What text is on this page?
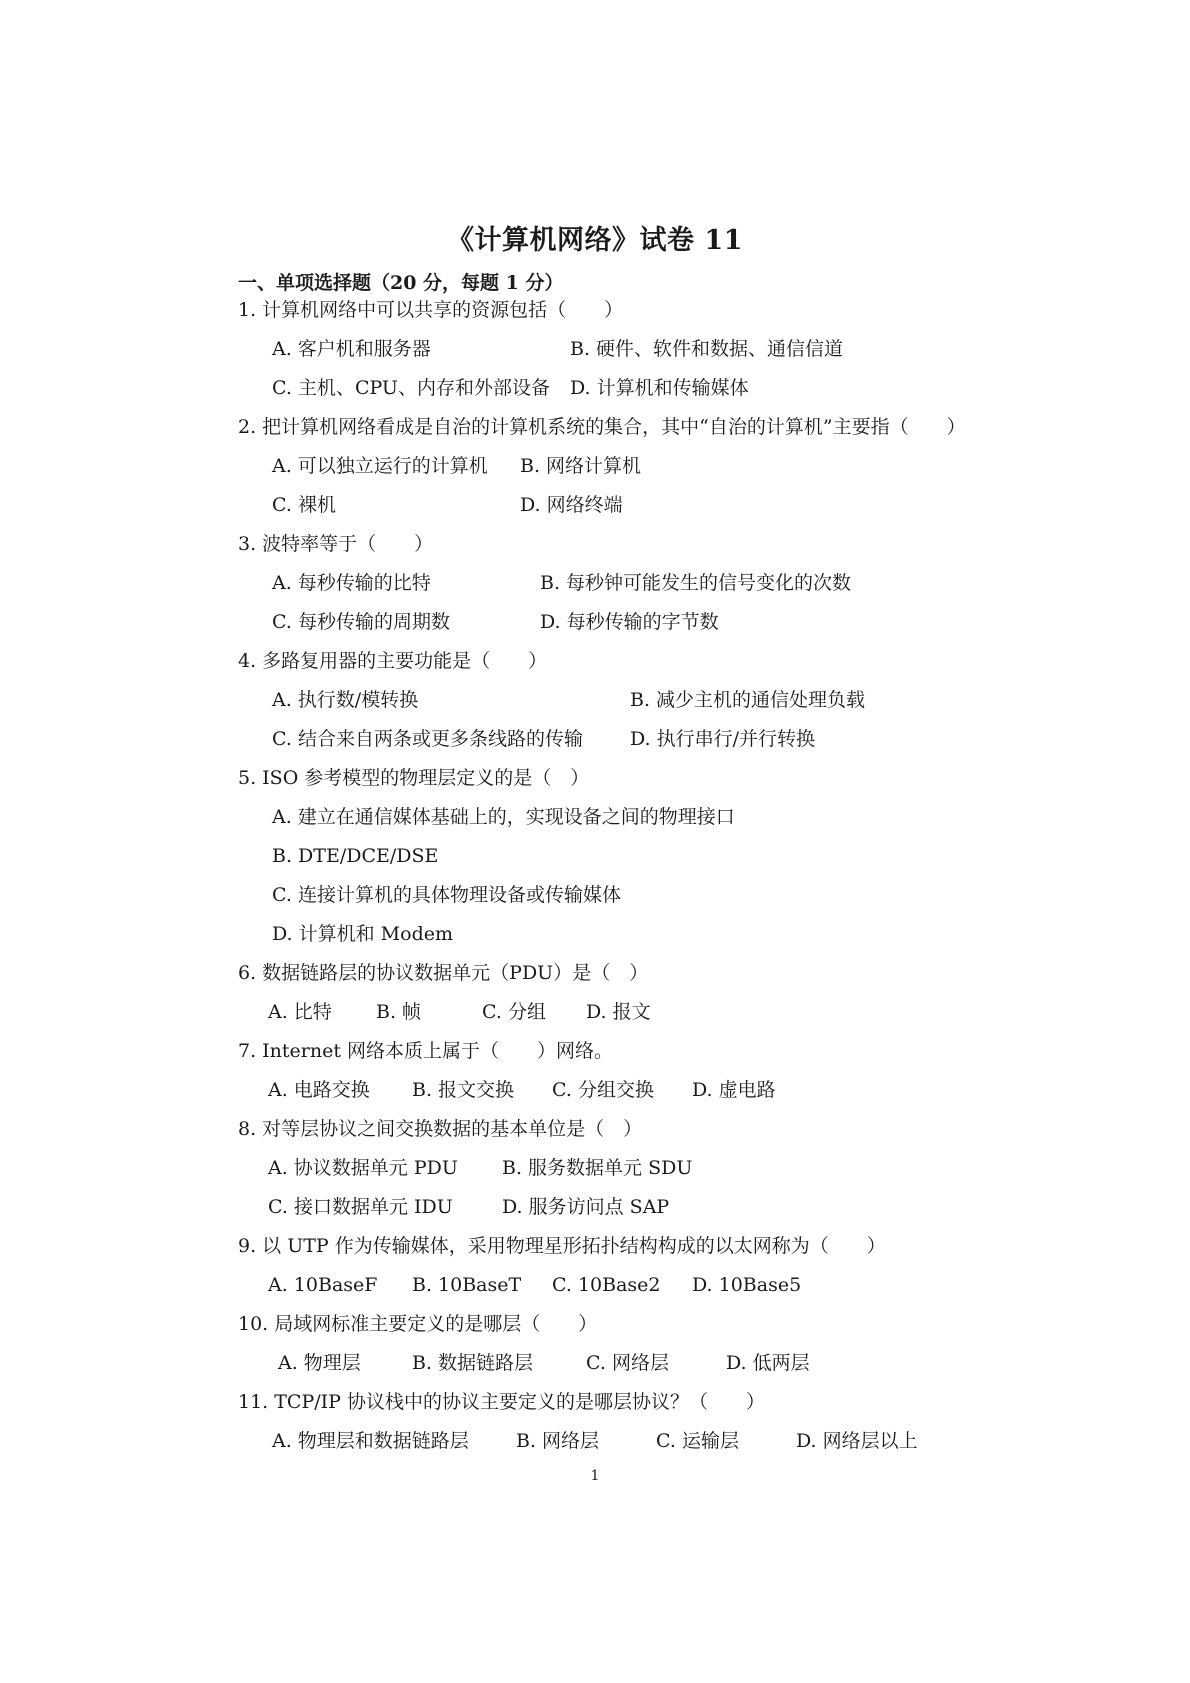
《计算机网络》试卷 11
一、单项选择题（20 分，每题 1 分）
1. 计算机网络中可以共享的资源包括（　　）
A. 客户机和服务器	B. 硬件、软件和数据、通信信道
C. 主机、CPU、内存和外部设备 D. 计算机和传输媒体
2. 把计算机网络看成是自治的计算机系统的集合，其中“自治的计算机”主要指（　　）
A. 可以独立运行的计算机 B. 网络计算机
C. 裸机	D. 网络终端
3. 波特率等于（　　）
A. 每秒传输的比特	B. 每秒钟可能发生的信号变化的次数
C. 每秒传输的周期数	D. 每秒传输的字节数
4. 多路复用器的主要功能是（　　）
A. 执行数/模转换	B. 减少主机的通信处理负载
C. 结合来自两条或更多条线路的传输 D. 执行串行/并行转换
5. ISO 参考模型的物理层定义的是（　）
A. 建立在通信媒体基础上的，实现设备之间的物理接口
B. DTE/DCE/DSE
C. 连接计算机的具体物理设备或传输媒体
D. 计算机和 Modem
6. 数据链路层的协议数据单元（PDU）是（　）
A. 比特 B. 帧	C. 分组 D. 报文
7. Internet 网络本质上属于（　　）网络。
A. 电路交换 B. 报文交换 C. 分组交换 D. 虚电路
8. 对等层协议之间交换数据的基本单位是（　）
A. 协议数据单元 PDU B. 服务数据单元 SDU
C. 接口数据单元 IDU	D. 服务访问点 SAP
9. 以 UTP 作为传输媒体，采用物理星形拓扑结构构成的以太网称为（　　）
A. 10BaseF B. 10BaseT C. 10Base2 D. 10Base5
10. 局域网标准主要定义的是哪层（　　）
A. 物理层	B. 数据链路层	C. 网络层	D. 低两层
11. TCP/IP 协议栈中的协议主要定义的是哪层协议？（　　）
A. 物理层和数据链路层 B. 网络层	C. 运输层	D. 网络层以上
1
